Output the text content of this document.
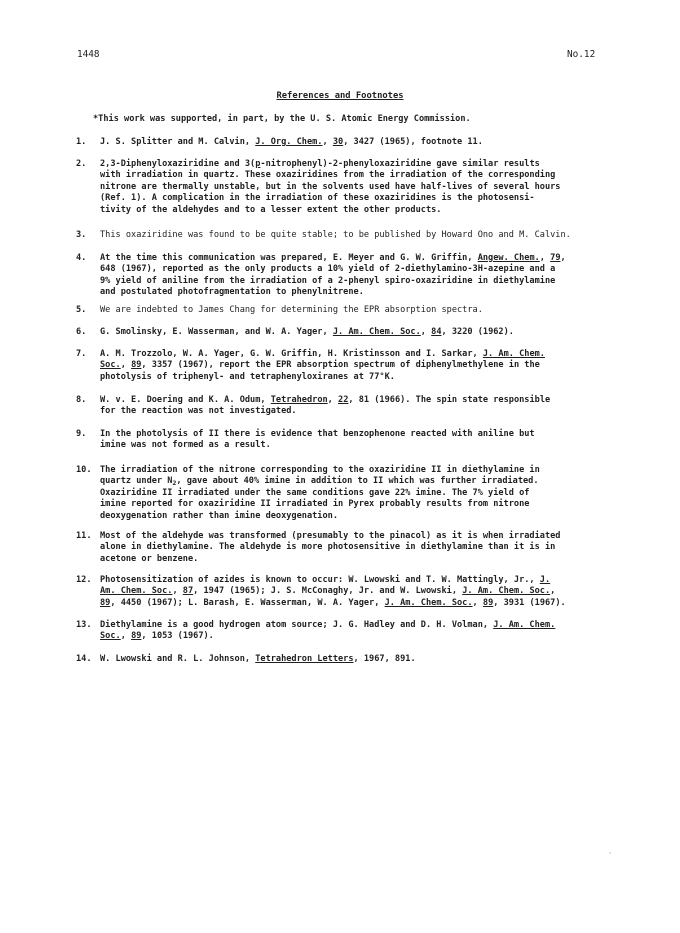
1448	No.12
References and Footnotes
*This work was supported, in part, by the U. S. Atomic Energy Commission.
1. J. S. Splitter and M. Calvin, J. Org. Chem., 30, 3427 (1965), footnote 11.
2. 2,3-Diphenyloxaziridine and 3(p-nitrophenyl)-2-phenyloxaziridine gave similar results
with irradiation in quartz. These oxaziridines from the irradiation of the corresponding
nitrone are thermally unstable, but in the solvents used have half-lives of several hours
(Ref. 1). A complication in the irradiation of these oxaziridines is the photosensi-
tivity of the aldehydes and to a lesser extent the other products.
3. This oxaziridine was found to be quite stable; to be published by Howard Ono and M. Calvin.
4. At the time this communication was prepared, E. Meyer and G. W. Griffin, Angew. Chem., 79,
648 (1967), reported as the only products a 10% yield of 2-diethylamino-3H-azepine and a
9% yield of aniline from the irradiation of a 2-phenyl spiro-oxaziridine in diethylamine
and postulated photofragmentation to phenylnitrene.
5. We are indebted to James Chang for determining the EPR absorption spectra.
6. G. Smolinsky, E. Wasserman, and W. A. Yager, J. Am. Chem. Soc., 84, 3220 (1962).
7. A. M. Trozzolo, W. A. Yager, G. W. Griffin, H. Kristinsson and I. Sarkar, J. Am. Chem.
Soc., 89, 3357 (1967), report the EPR absorption spectrum of diphenylmethylene in the
photolysis of triphenyl- and tetraphenyloxiranes at 77°K.
8. W. v. E. Doering and K. A. Odum, Tetrahedron, 22, 81 (1966). The spin state responsible
for the reaction was not investigated.
9. In the photolysis of II there is evidence that benzophenone reacted with aniline but
imine was not formed as a result.
10. The irradiation of the nitrone corresponding to the oxaziridine II in diethylamine in
quartz under $N_2$, gave about 40% imine in addition to II which was further irradiated.
Oxaziridine II irradiated under the same conditions gave 22% imine. The 7% yield of
imine reported for oxaziridine II irradiated in Pyrex probably results from nitrone
deoxygenation rather than imine deoxygenation.
11. Most of the aldehyde was transformed (presumably to the pinacol) as it is when irradiated
alone in diethylamine. The aldehyde is more photosensitive in diethylamine than it is in
acetone or benzene.
12. Photosensitization of azides is known to occur: W. Lwowski and T. W. Mattingly, Jr., J.
Am. Chem. Soc., 87, 1947 (1965); J. S. McConaghy, Jr. and W. Lwowski, J. Am. Chem. Soc.,
89, 4450 (1967); L. Barash, E. Wasserman, W. A. Yager, J. Am. Chem. Soc., 89, 3931 (1967).
13. Diethylamine is a good hydrogen atom source; J. G. Hadley and D. H. Volman, J. Am. Chem.
Soc., 89, 1053 (1967).
14. W. Lwowski and R. L. Johnson, Tetrahedron Letters, 1967, 891.
